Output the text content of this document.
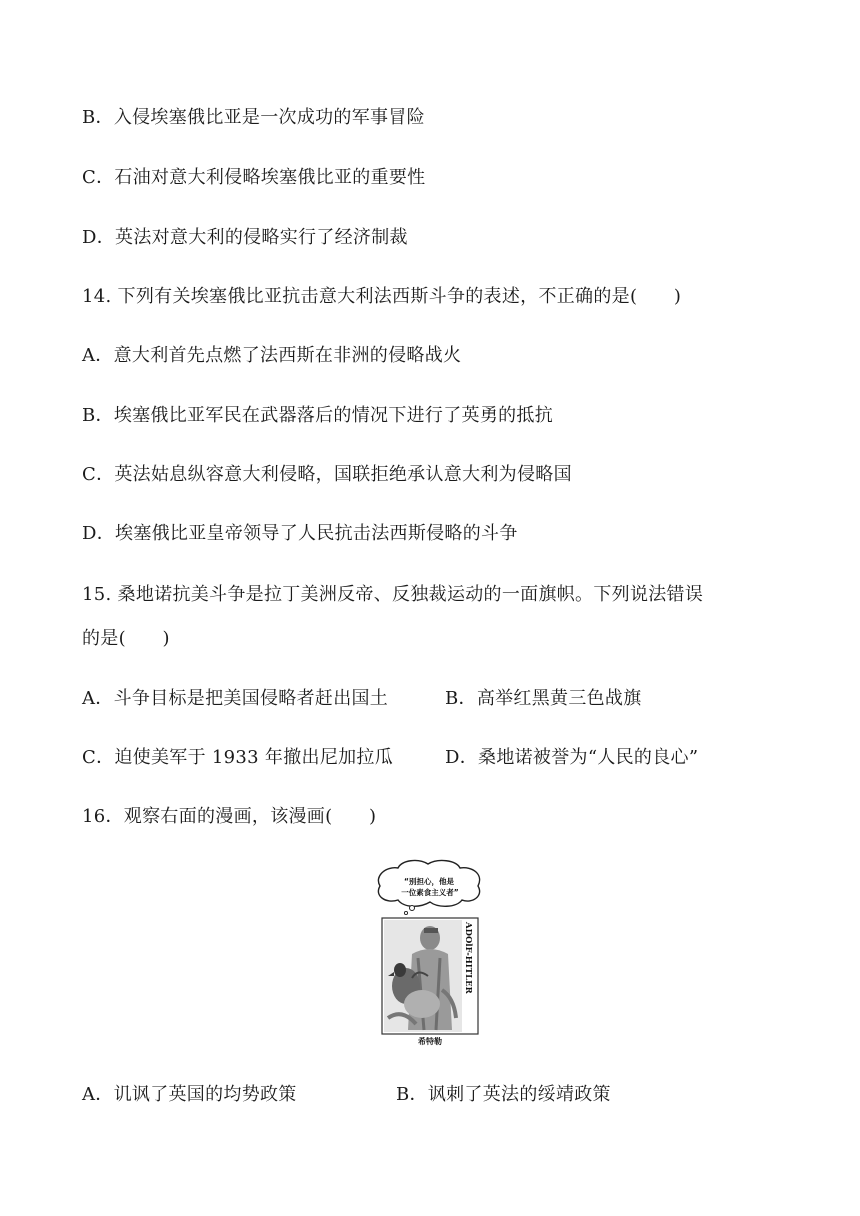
B．入侵埃塞俄比亚是一次成功的军事冒险
C．石油对意大利侵略埃塞俄比亚的重要性
D．英法对意大利的侵略实行了经济制裁
14. 下列有关埃塞俄比亚抗击意大利法西斯斗争的表述，不正确的是(　　)
A．意大利首先点燃了法西斯在非洲的侵略战火
B．埃塞俄比亚军民在武器落后的情况下进行了英勇的抵抗
C．英法姑息纵容意大利侵略，国联拒绝承认意大利为侵略国
D．埃塞俄比亚皇帝领导了人民抗击法西斯侵略的斗争
15. 桑地诺抗美斗争是拉丁美洲反帝、反独裁运动的一面旗帜。下列说法错误
的是(　　)
A．斗争目标是把美国侵略者赶出国土	B．高举红黑黄三色战旗
C．迫使美军于 1933 年撤出尼加拉瓜	D．桑地诺被誉为“人民的良心”
16．观察右面的漫画，该漫画(　　)
“别担心，他是
一位素食主义者”
ADOlF-HITLER
希特勒
A．讥讽了英国的均势政策	B．讽刺了英法的绥靖政策
